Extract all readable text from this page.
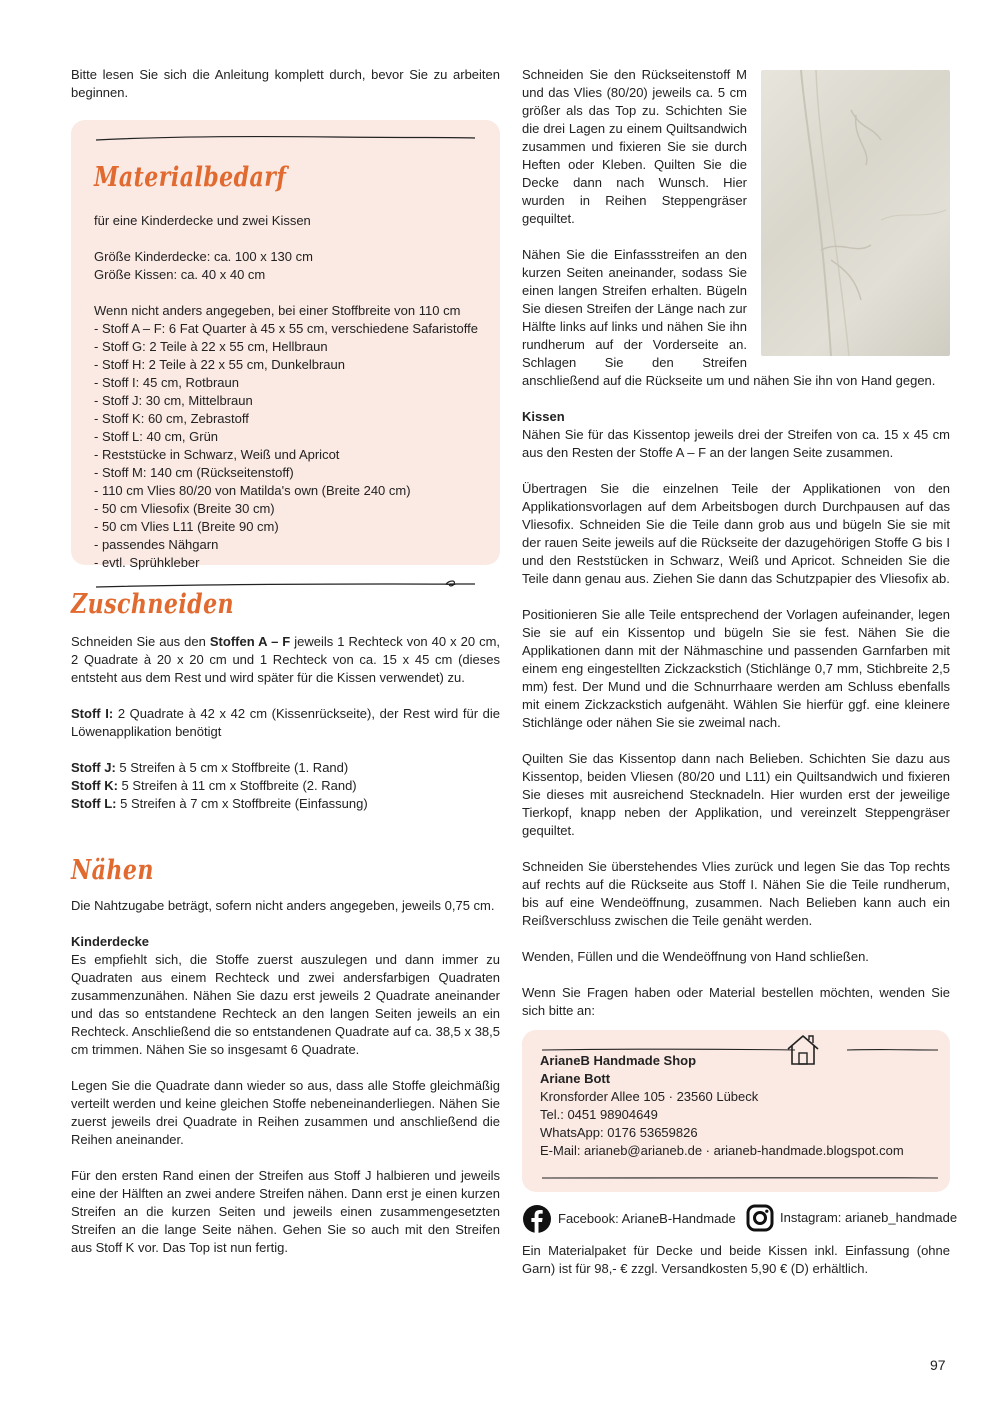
Bitte lesen Sie sich die Anleitung komplett durch, bevor Sie zu arbeiten beginnen.

Materialbedarf

für eine Kinderdecke und zwei Kissen

Größe Kinderdecke: ca. 100 x 130 cm

Größe Kissen: ca. 40 x 40 cm

Wenn nicht anders angegeben, bei einer Stoffbreite von 110 cm

- Stoff A – F: 6 Fat Quarter à 45 x 55 cm, verschiedene Safaristoffe

- Stoff G: 2 Teile à 22 x 55 cm, Hellbraun

- Stoff H: 2 Teile à 22 x 55 cm, Dunkelbraun

- Stoff I: 45 cm, Rotbraun

- Stoff J: 30 cm, Mittelbraun

- Stoff K: 60 cm, Zebrastoff

- Stoff L: 40 cm, Grün

- Reststücke in Schwarz, Weiß und Apricot

- Stoff M: 140 cm (Rückseitenstoff)

- 110 cm Vlies 80/20 von Matilda's own (Breite 240 cm)

- 50 cm Vliesofix (Breite 30 cm)

- 50 cm Vlies L11 (Breite 90 cm)

- passendes Nähgarn

- evtl. Sprühkleber

Zuschneiden

Schneiden Sie aus den Stoffen A – F jeweils 1 Rechteck von 40 x 20 cm, 2 Quadrate à 20 x 20 cm und 1 Rechteck von ca. 15 x 45 cm (dieses entsteht aus dem Rest und wird später für die Kissen verwendet) zu.

Stoff I: 2 Quadrate à 42 x 42 cm (Kissenrückseite), der Rest wird für die Löwenapplikation benötigt

Stoff J: 5 Streifen à 5 cm x Stoffbreite (1. Rand)

Stoff K: 5 Streifen à 11 cm x Stoffbreite (2. Rand)

Stoff L: 5 Streifen à 7 cm x Stoffbreite (Einfassung)

Nähen

Die Nahtzugabe beträgt, sofern nicht anders angegeben, jeweils 0,75 cm.

Kinderdecke

Es empfiehlt sich, die Stoffe zuerst auszulegen und dann immer zu Quadraten aus einem Rechteck und zwei andersfarbigen Quadraten zusammenzunähen. Nähen Sie dazu erst jeweils 2 Quadrate aneinander und das so entstandene Rechteck an den langen Seiten jeweils an ein Rechteck. Anschließend die so entstandenen Quadrate auf ca. 38,5 x 38,5 cm trimmen. Nähen Sie so insgesamt 6 Quadrate.

Legen Sie die Quadrate dann wieder so aus, dass alle Stoffe gleichmäßig verteilt werden und keine gleichen Stoffe nebeneinanderliegen. Nähen Sie zuerst jeweils drei Quadrate in Reihen zusammen und anschließend die Reihen aneinander.

Für den ersten Rand einen der Streifen aus Stoff J halbieren und jeweils eine der Hälften an zwei andere Streifen nähen. Dann erst je einen kurzen Streifen an die kurzen Seiten und jeweils einen zusammengesetzten Streifen an die lange Seite nähen. Gehen Sie so auch mit den Streifen aus Stoff K vor. Das Top ist nun fertig.

Schneiden Sie den Rückseitenstoff M und das Vlies (80/20) jeweils ca. 5 cm größer als das Top zu. Schichten Sie die drei Lagen zu einem Quiltsandwich zusammen und fixieren Sie sie durch Heften oder Kleben. Quilten Sie die Decke dann nach Wunsch. Hier wurden in Reihen Steppengräser gequiltet.

Nähen Sie die Einfassstreifen an den kurzen Seiten aneinander, sodass Sie einen langen Streifen erhalten. Bügeln Sie diesen Streifen der Länge nach zur Hälfte links auf links und nähen Sie ihn rundherum auf der Vorderseite an. Schlagen Sie den Streifen anschließend auf die Rückseite um und nähen Sie ihn von Hand gegen.

Kissen

Nähen Sie für das Kissentop jeweils drei der Streifen von ca. 15 x 45 cm aus den Resten der Stoffe A – F an der langen Seite zusammen.

Übertragen Sie die einzelnen Teile der Applikationen von den Applikationsvorlagen auf dem Arbeitsbogen durch Durchpausen auf das Vliesofix. Schneiden Sie die Teile dann grob aus und bügeln Sie sie mit der rauen Seite jeweils auf die Rückseite der dazugehörigen Stoffe G bis I und den Reststücken in Schwarz, Weiß und Apricot. Schneiden Sie die Teile dann genau aus. Ziehen Sie dann das Schutzpapier des Vliesofix ab.

Positionieren Sie alle Teile entsprechend der Vorlagen aufeinander, legen Sie sie auf ein Kissentop und bügeln Sie sie fest. Nähen Sie die Applikationen dann mit der Nähmaschine und passenden Garnfarben mit einem eng eingestellten Zickzackstich (Stichlänge 0,7 mm, Stichbreite 2,5 mm) fest. Der Mund und die Schnurrhaare werden am Schluss ebenfalls mit einem Zickzackstich aufgenäht. Wählen Sie hierfür ggf. eine kleinere Stichlänge oder nähen Sie sie zweimal nach.

Quilten Sie das Kissentop dann nach Belieben. Schichten Sie dazu aus Kissentop, beiden Vliesen (80/20 und L11) ein Quiltsandwich und fixieren Sie dieses mit ausreichend Stecknadeln. Hier wurden erst der jeweilige Tierkopf, knapp neben der Applikation, und vereinzelt Steppengräser gequiltet.

Schneiden Sie überstehendes Vlies zurück und legen Sie das Top rechts auf rechts auf die Rückseite aus Stoff I. Nähen Sie die Teile rundherum, bis auf eine Wendeöffnung, zusammen. Nach Belieben kann auch ein Reißverschluss zwischen die Teile genäht werden.

Wenden, Füllen und die Wendeöffnung von Hand schließen.

Wenn Sie Fragen haben oder Material bestellen möchten, wenden Sie sich bitte an:

ArianeB Handmade Shop

Ariane Bott

Kronsforder Allee 105 · 23560 Lübeck

Tel.: 0451 98904649

WhatsApp: 0176 53659826

E-Mail: arianeb@arianeb.de · arianeb-handmade.blogspot.com

Facebook: ArianeB-Handmade	Instagram: arianeb_handmade

Ein Materialpaket für Decke und beide Kissen inkl. Einfassung (ohne Garn) ist für 98,- € zzgl. Versandkosten 5,90 € (D) erhältlich.

97
